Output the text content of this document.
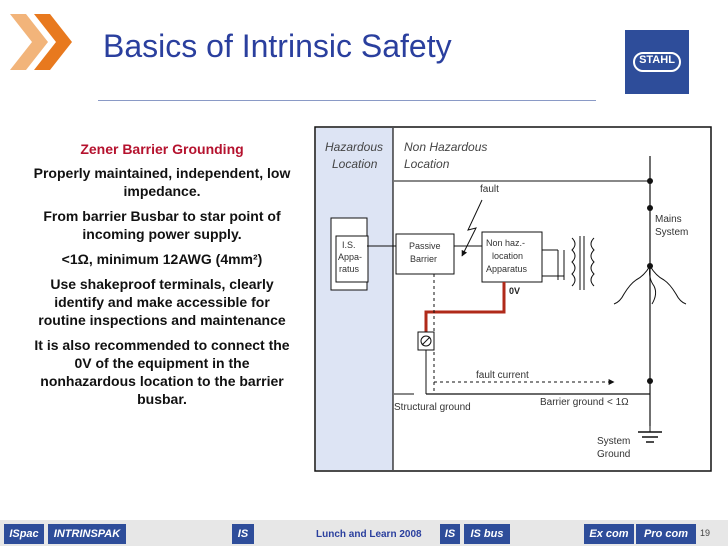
Basics of Intrinsic Safety	STAHL
Zener Barrier Grounding

Properly maintained, independent, low impedance.

From barrier Busbar to star point of incoming power supply.

<1Ω, minimum 12AWG (4mm²)

Use shakeproof terminals, clearly identify and make accessible for routine inspections and maintenance

It is also recommended to connect the 0V of the equipment in the nonhazardous location to the barrier busbar.

Hazardous
Location
Non Hazardous
Location
fault
Mains
System
I.S.
Appa-
ratus
Passive
Barrier
Non haz.-
location
Apparatus
0V
fault current
Structural ground	Barrier ground < 1Ω
System
Ground
ISpac	INTRINSPAK	IS	Lunch and Learn 2008	IS	IS bus	Ex com	Pro com	19
